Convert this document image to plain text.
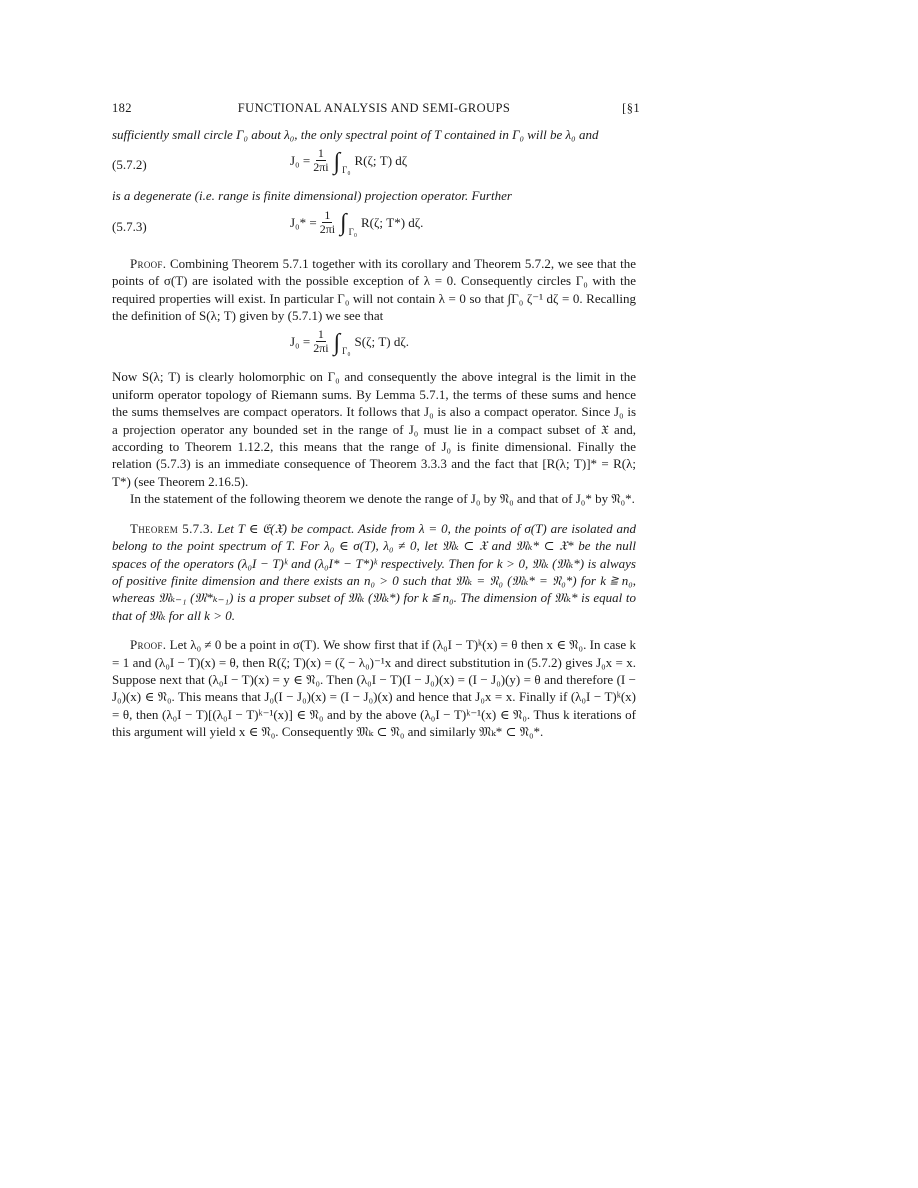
182	FUNCTIONAL ANALYSIS AND SEMI-GROUPS	[§1

sufficiently small circle Γ₀ about λ₀, the only spectral point of T contained in Γ₀ will be λ₀ and

(5.7.2)	$J_0 = \frac{1}{2\pi i}$ ∫ Γ₀
R(ζ; T) dζ

is a degenerate (i.e. range is finite dimensional) projection operator. Further

(5.7.3)	$J_0* = \frac{1}{2\pi i}$ ∫ Γ₀
R(ζ; T*) dζ.

Proof. Combining Theorem 5.7.1 together with its corollary and Theorem 5.7.2, we see that the points of σ(T) are isolated with the possible exception of λ = 0. Consequently circles Γ₀ with the required properties will exist. In particular Γ₀ will not contain λ = 0 so that ∫Γ₀ ζ⁻¹ dζ = 0. Recalling the definition of S(λ; T) given by (5.7.1) we see that

$J_0 = \frac{1}{2\pi i}$ ∫ Γ₀
S(ζ; T) dζ.

Now S(λ; T) is clearly holomorphic on Γ₀ and consequently the above integral is the limit in the uniform operator topology of Riemann sums. By Lemma 5.7.1, the terms of these sums and hence the sums themselves are compact operators. It follows that J₀ is also a compact operator. Since J₀ is a projection operator any bounded set in the range of J₀ must lie in a compact subset of 𝔛 and, according to Theorem 1.12.2, this means that the range of J₀ is finite dimensional. Finally the relation (5.7.3) is an immediate consequence of Theorem 3.3.3 and the fact that [R(λ; T)]* = R(λ; T*) (see Theorem 2.16.5).

In the statement of the following theorem we denote the range of J₀ by 𝔑₀ and that of J₀* by 𝔑₀*.

Theorem 5.7.3. Let T ∈ 𝔈(𝔛) be compact. Aside from λ = 0, the points of σ(T) are isolated and belong to the point spectrum of T. For λ₀ ∈ σ(T), λ₀ ≠ 0, let 𝔐ₖ ⊂ 𝔛 and 𝔐ₖ* ⊂ 𝔛* be the null spaces of the operators (λ₀I − T)ᵏ and (λ₀I* − T*)ᵏ respectively. Then for k > 0, 𝔐ₖ (𝔐ₖ*) is always of positive finite dimension and there exists an n₀ > 0 such that 𝔐ₖ = 𝔑₀ (𝔐ₖ* = 𝔑₀*) for k ≧ n₀, whereas 𝔐ₖ₋₁ (𝔐*ₖ₋₁) is a proper subset of 𝔐ₖ (𝔐ₖ*) for k ≦ n₀. The dimension of 𝔐ₖ* is equal to that of 𝔐ₖ for all k > 0.

Proof. Let λ₀ ≠ 0 be a point in σ(T). We show first that if (λ₀I − T)ᵏ(x) = θ then x ∈ 𝔑₀. In case k = 1 and (λ₀I − T)(x) = θ, then R(ζ; T)(x) = (ζ − λ₀)⁻¹x and direct substitution in (5.7.2) gives J₀x = x. Suppose next that (λ₀I − T)(x) = y ∈ 𝔑₀. Then (λ₀I − T)(I − J₀)(x) = (I − J₀)(y) = θ and therefore (I − J₀)(x) ∈ 𝔑₀. This means that J₀(I − J₀)(x) = (I − J₀)(x) and hence that J₀x = x. Finally if (λ₀I − T)ᵏ(x) = θ, then (λ₀I − T)[(λ₀I − T)ᵏ⁻¹(x)] ∈ 𝔑₀ and by the above (λ₀I − T)ᵏ⁻¹(x) ∈ 𝔑₀. Thus k iterations of this argument will yield x ∈ 𝔑₀. Consequently 𝔐ₖ ⊂ 𝔑₀ and similarly 𝔐ₖ* ⊂ 𝔑₀*.
